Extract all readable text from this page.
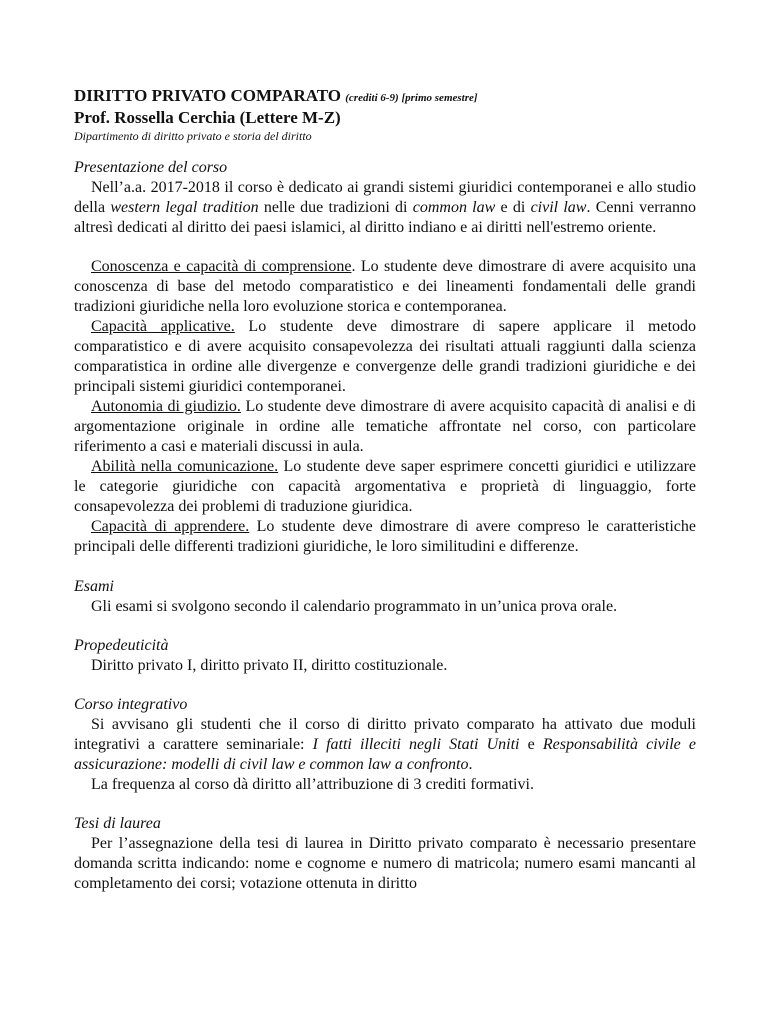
DIRITTO PRIVATO COMPARATO (crediti 6-9) [primo semestre]
Prof. Rossella Cerchia (Lettere M-Z)
Dipartimento di diritto privato e storia del diritto
Presentazione del corso

Nell’a.a. 2017-2018 il corso è dedicato ai grandi sistemi giuridici contemporanei e allo studio della western legal tradition nelle due tradizioni di common law e di civil law. Cenni verranno altresì dedicati al diritto dei paesi islamici, al diritto indiano e ai diritti nell'estremo oriente.

Conoscenza e capacità di comprensione. Lo studente deve dimostrare di avere acquisito una conoscenza di base del metodo comparatistico e dei lineamenti fondamentali delle grandi tradizioni giuridiche nella loro evoluzione storica e contemporanea.

Capacità applicative. Lo studente deve dimostrare di sapere applicare il metodo comparatistico e di avere acquisito consapevolezza dei risultati attuali raggiunti dalla scienza comparatistica in ordine alle divergenze e convergenze delle grandi tradizioni giuridiche e dei principali sistemi giuridici contemporanei.

Autonomia di giudizio. Lo studente deve dimostrare di avere acquisito capacità di analisi e di argomentazione originale in ordine alle tematiche affrontate nel corso, con particolare riferimento a casi e materiali discussi in aula.

Abilità nella comunicazione. Lo studente deve saper esprimere concetti giuridici e utilizzare le categorie giuridiche con capacità argomentativa e proprietà di linguaggio, forte consapevolezza dei problemi di traduzione giuridica.

Capacità di apprendere. Lo studente deve dimostrare di avere compreso le caratteristiche principali delle differenti tradizioni giuridiche, le loro similitudini e differenze.

Esami

Gli esami si svolgono secondo il calendario programmato in un’unica prova orale.

Propedeuticità

Diritto privato I, diritto privato II, diritto costituzionale.

Corso integrativo

Si avvisano gli studenti che il corso di diritto privato comparato ha attivato due moduli integrativi a carattere seminariale: I fatti illeciti negli Stati Uniti e Responsabilità civile e assicurazione: modelli di civil law e common law a confronto.

La frequenza al corso dà diritto all’attribuzione di 3 crediti formativi.

Tesi di laurea

Per l’assegnazione della tesi di laurea in Diritto privato comparato è necessario presentare domanda scritta indicando: nome e cognome e numero di matricola; numero esami mancanti al completamento dei corsi; votazione ottenuta in diritto
